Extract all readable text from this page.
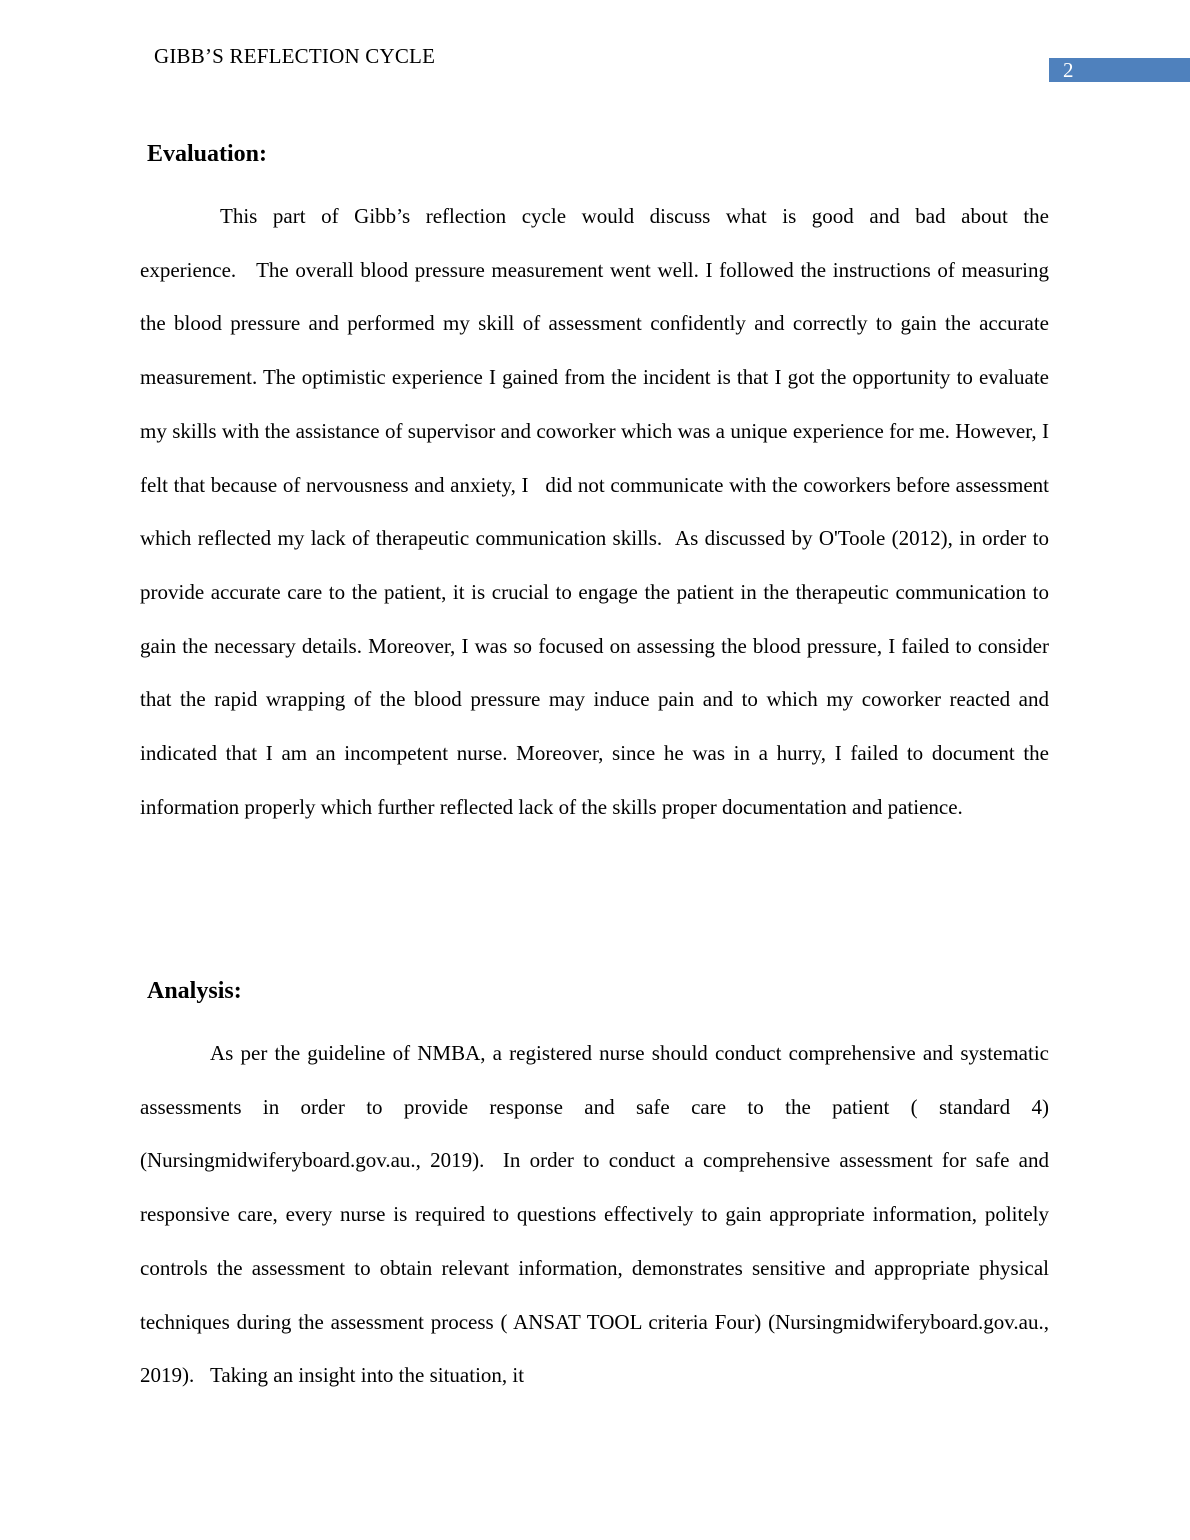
GIBB’S REFLECTION CYCLE
2
Evaluation:

This part of Gibb’s reflection cycle would discuss what is good and bad about the experience.   The overall blood pressure measurement went well. I followed the instructions of measuring the blood pressure and performed my skill of assessment confidently and correctly to gain the accurate measurement. The optimistic experience I gained from the incident is that I got the opportunity to evaluate my skills with the assistance of supervisor and coworker which was a unique experience for me. However, I felt that because of nervousness and anxiety, I   did not communicate with the coworkers before assessment which reflected my lack of therapeutic communication skills.  As discussed by O'Toole (2012), in order to provide accurate care to the patient, it is crucial to engage the patient in the therapeutic communication to gain the necessary details. Moreover, I was so focused on assessing the blood pressure, I failed to consider that the rapid wrapping of the blood pressure may induce pain and to which my coworker reacted and indicated that I am an incompetent nurse. Moreover, since he was in a hurry, I failed to document the information properly which further reflected lack of the skills proper documentation and patience.

Analysis:

As per the guideline of NMBA, a registered nurse should conduct comprehensive and systematic assessments in order to provide response and safe care to the patient ( standard 4) (Nursingmidwiferyboard.gov.au., 2019).  In order to conduct a comprehensive assessment for safe and responsive care, every nurse is required to questions effectively to gain appropriate information, politely controls the assessment to obtain relevant information, demonstrates sensitive and appropriate physical techniques during the assessment process ( ANSAT TOOL criteria Four) (Nursingmidwiferyboard.gov.au., 2019).   Taking an insight into the situation, it
